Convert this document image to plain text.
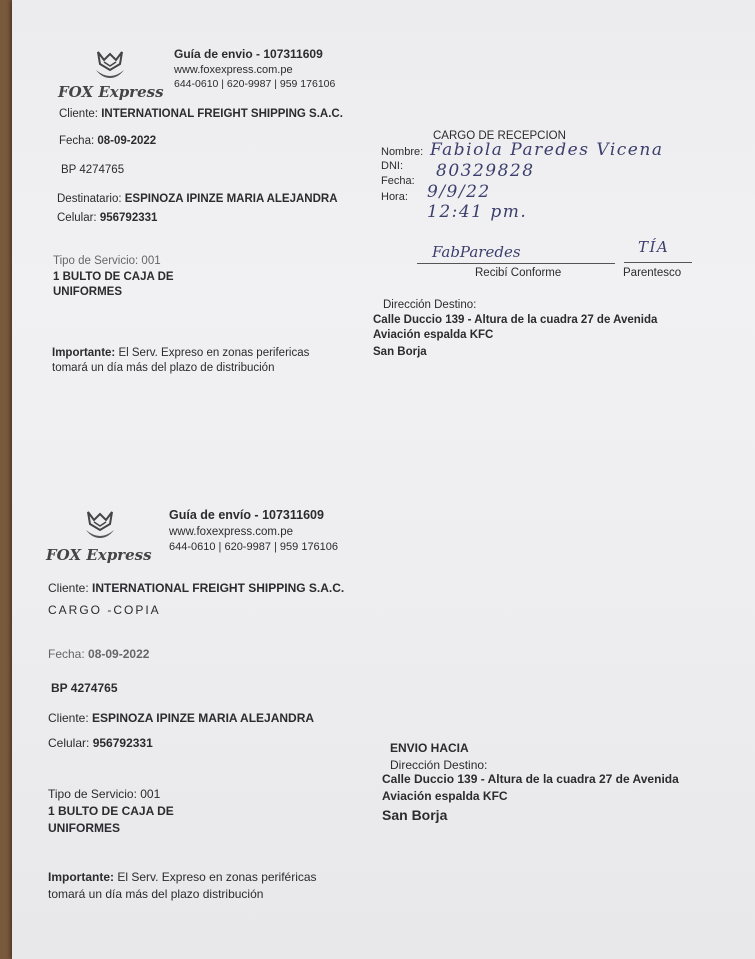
FOX Express
Guía de envio - 107311609
www.foxexpress.com.pe
644-0610 | 620-9987 | 959 176106
Cliente: INTERNATIONAL FREIGHT SHIPPING S.A.C.
Fecha: 08-09-2022
BP 4274765
Destinatario: ESPINOZA IPINZE MARIA ALEJANDRA
Celular: 956792331
Tipo de Servicio: 001
1 BULTO DE CAJA DE
UNIFORMES
Importante: El Serv. Expreso en zonas perifericas
tomará un día más del plazo de distribución
CARGO DE RECEPCION
Nombre:
DNI:
Fecha:
Hora:
Fabiola Paredes Vicena
80329828
9/9/22
12:41 pm.
FabParedes
Recibí Conforme
TÍA
Parentesco
Dirección Destino:
Calle Duccio 139 - Altura de la cuadra 27 de Avenida
Aviación espalda KFC
San Borja
FOX Express
Guía de envío - 107311609
www.foxexpress.com.pe
644-0610 | 620-9987 | 959 176106
Cliente: INTERNATIONAL FREIGHT SHIPPING S.A.C.
CARGO -COPIA
Fecha: 08-09-2022
BP 4274765
Cliente: ESPINOZA IPINZE MARIA ALEJANDRA
Celular: 956792331	ENVIO HACIA
Dirección Destino:
Calle Duccio 139 - Altura de la cuadra 27 de Avenida
Aviación espalda KFC
San Borja
Tipo de Servicio: 001
1 BULTO DE CAJA DE
UNIFORMES
Importante: El Serv. Expreso en zonas periféricas
tomará un día más del plazo distribución
